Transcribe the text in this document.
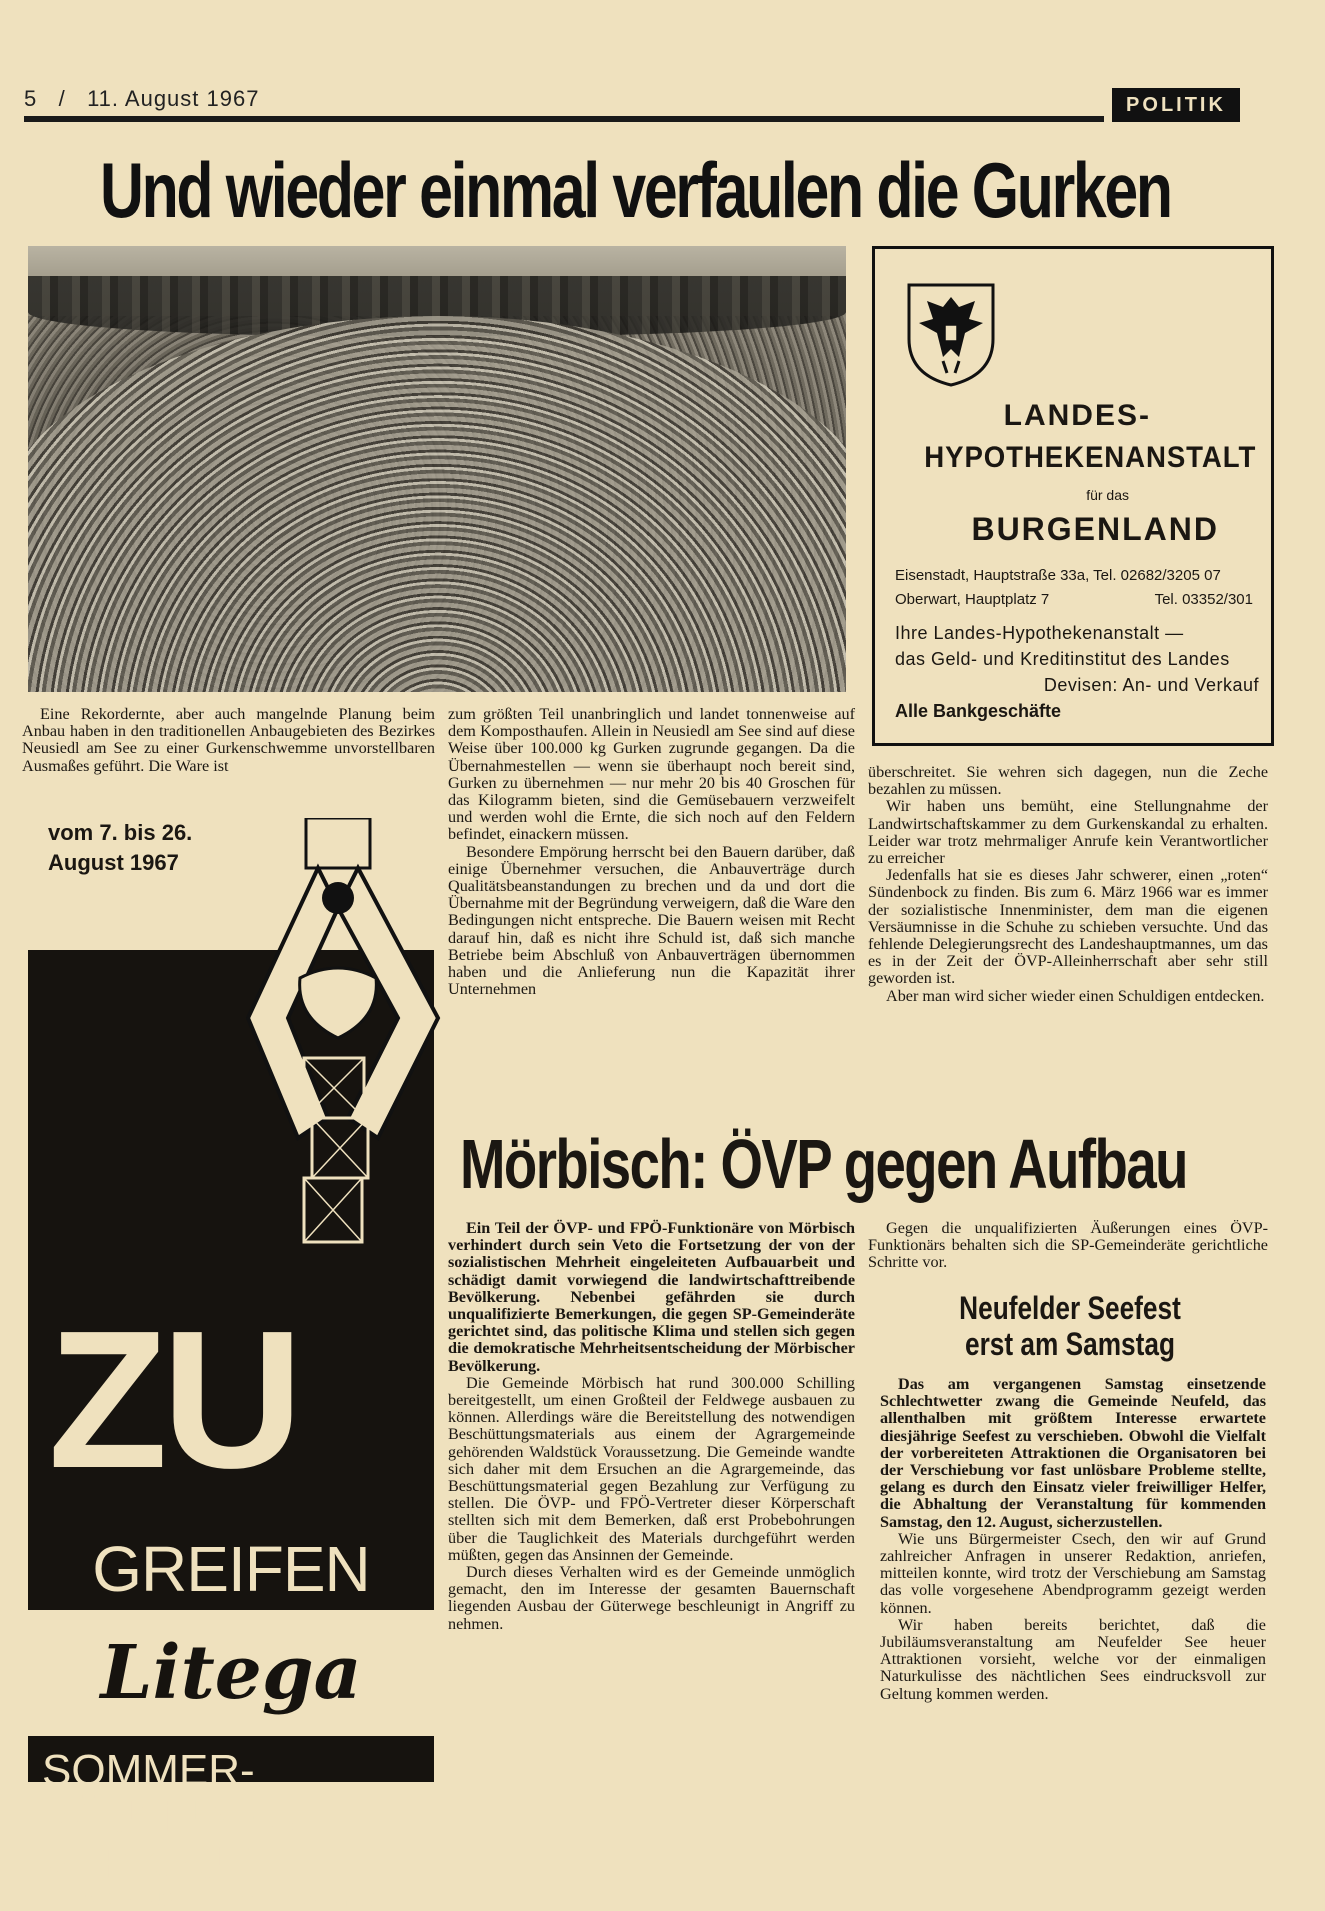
5 / 11. August 1967	POLITIK
Und wieder einmal verfaulen die Gurken
LANDES-
HYPOTHEKENANSTALT
für das
BURGENLAND
Eisenstadt, Hauptstraße 33a, Tel. 02682/3205 07
Oberwart, Hauptplatz 7	Tel. 03352/301
Ihre Landes-Hypothekenanstalt —
das Geld- und Kreditinstitut des Landes
Devisen: An- und Verkauf
Alle Bankgeschäfte

Eine Rekordernte, aber auch mangelnde Planung beim Anbau haben in den traditionellen Anbaugebieten des Bezirkes Neusiedl am See zu einer Gurkenschwemme unvorstellbaren Ausmaßes geführt. Die Ware ist

zum größten Teil unanbringlich und landet tonnenweise auf dem Komposthaufen. Allein in Neusiedl am See sind auf diese Weise über 100.000 kg Gurken zugrunde gegangen. Da die Übernahmestellen — wenn sie überhaupt noch bereit sind, Gurken zu übernehmen — nur mehr 20 bis 40 Groschen für das Kilogramm bieten, sind die Gemüsebauern verzweifelt und werden wohl die Ernte, die sich noch auf den Feldern befindet, einackern müssen.

Besondere Empörung herrscht bei den Bauern darüber, daß einige Übernehmer versuchen, die Anbauverträge durch Qualitätsbeanstandungen zu brechen und da und dort die Übernahme mit der Begründung verweigern, daß die Ware den Bedingungen nicht entspreche. Die Bauern weisen mit Recht darauf hin, daß es nicht ihre Schuld ist, daß sich manche Betriebe beim Abschluß von Anbauverträgen übernommen haben und die Anlieferung nun die Kapazität ihrer Unternehmen

überschreitet. Sie wehren sich dagegen, nun die Zeche bezahlen zu müssen.

Wir haben uns bemüht, eine Stellungnahme der Landwirtschaftskammer zu dem Gurkenskandal zu erhalten. Leider war trotz mehrmaliger Anrufe kein Verantwortlicher zu erreicher

Jedenfalls hat sie es dieses Jahr schwerer, einen „roten“ Sündenbock zu finden. Bis zum 6. März 1966 war es immer der sozialistische Innenminister, dem man die eigenen Versäumnisse in die Schuhe zu schieben versuchte. Und das fehlende Delegierungsrecht des Landeshauptmannes, um das es in der Zeit der ÖVP-Alleinherrschaft aber sehr still geworden ist.

Aber man wird sicher wieder einen Schuldigen entdecken.

vom 7. bis 26.
August 1967
ZU
GREIFEN
Litega
SOMMER-
RÄUMUNGS-
VERKAUF
WR. NEUSTADT, Herz.-Leop.-Str. 30
Mörbisch: ÖVP gegen Aufbau

Ein Teil der ÖVP- und FPÖ-Funktionäre von Mörbisch verhindert durch sein Veto die Fortsetzung der von der sozialistischen Mehrheit eingeleiteten Aufbauarbeit und schädigt damit vorwiegend die landwirtschafttreibende Bevölkerung. Nebenbei gefährden sie durch unqualifizierte Bemerkungen, die gegen SP-Gemeinderäte gerichtet sind, das politische Klima und stellen sich gegen die demokratische Mehrheitsentscheidung der Mörbischer Bevölkerung.

Die Gemeinde Mörbisch hat rund 300.000 Schilling bereitgestellt, um einen Großteil der Feldwege ausbauen zu können. Allerdings wäre die Bereitstellung des notwendigen Beschüttungsmaterials aus einem der Agrargemeinde gehörenden Waldstück Voraussetzung. Die Gemeinde wandte sich daher mit dem Ersuchen an die Agrargemeinde, das Beschüttungsmaterial gegen Bezahlung zur Verfügung zu stellen. Die ÖVP- und FPÖ-Vertreter dieser Körperschaft stellten sich mit dem Bemerken, daß erst Probebohrungen über die Tauglichkeit des Materials durchgeführt werden müßten, gegen das Ansinnen der Gemeinde.

Durch dieses Verhalten wird es der Gemeinde unmöglich gemacht, den im Interesse der gesamten Bauernschaft liegenden Ausbau der Güterwege beschleunigt in Angriff zu nehmen.

Gegen die unqualifizierten Äußerungen eines ÖVP-Funktionärs behalten sich die SP-Gemeinderäte gerichtliche Schritte vor.

Neufelder Seefest
erst am Samstag

Das am vergangenen Samstag einsetzende Schlechtwetter zwang die Gemeinde Neufeld, das allenthalben mit größtem Interesse erwartete diesjährige Seefest zu verschieben. Obwohl die Vielfalt der vorbereiteten Attraktionen die Organisatoren bei der Verschiebung vor fast unlösbare Probleme stellte, gelang es durch den Einsatz vieler freiwilliger Helfer, die Abhaltung der Veranstaltung für kommenden Samstag, den 12. August, sicherzustellen.

Wie uns Bürgermeister Csech, den wir auf Grund zahlreicher Anfragen in unserer Redaktion, anriefen, mitteilen konnte, wird trotz der Verschiebung am Samstag das volle vorgesehene Abendprogramm gezeigt werden können.

Wir haben bereits berichtet, daß die Jubiläumsveranstaltung am Neufelder See heuer Attraktionen vorsieht, welche vor der einmaligen Naturkulisse des nächtlichen Sees eindrucksvoll zur Geltung kommen werden.
